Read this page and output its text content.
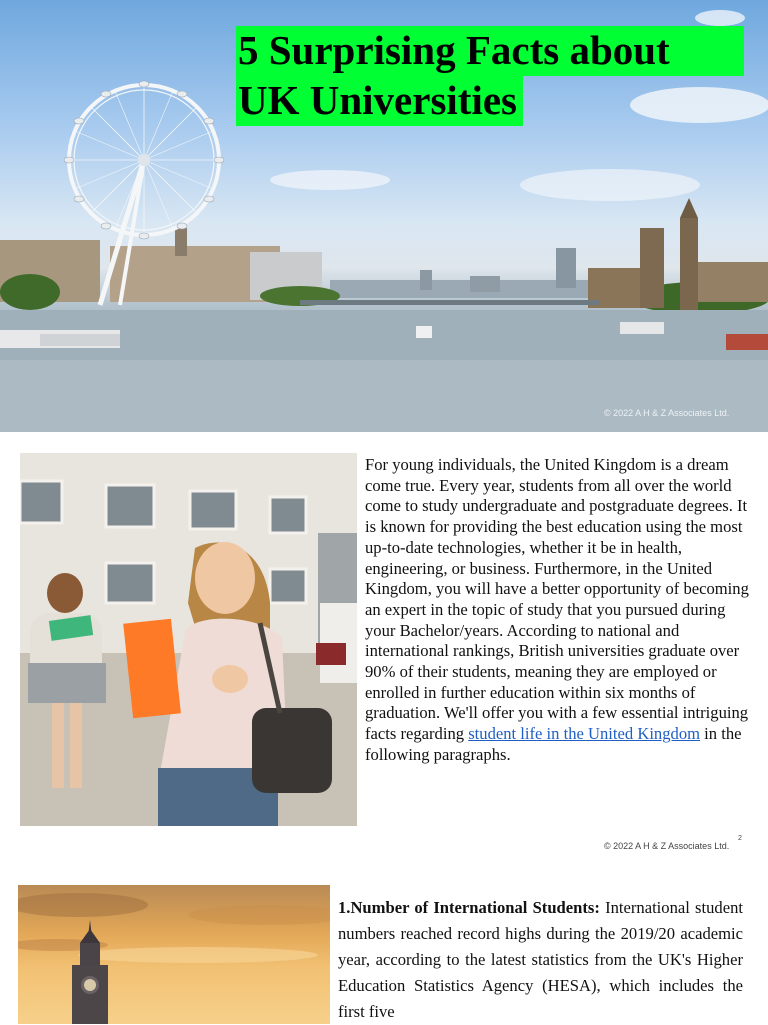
5 Surprising Facts about
UK Universities
© 2022 A H & Z Associates Ltd.

For young individuals, the United Kingdom is a dream come true. Every year, students from all over the world come to study undergraduate and postgraduate degrees. It is known for providing the best education using the most up-to-date technologies, whether it be in health, engineering, or business. Furthermore, in the United Kingdom, you will have a better opportunity of becoming an expert in the topic of study that you pursued during your Bachelor/years. According to national and international rankings, British universities graduate over 90% of their students, meaning they are employed or enrolled in further education within six months of graduation. We'll offer you with a few essential intriguing facts regarding student life in the United Kingdom in the following paragraphs.

© 2022 A H & Z Associates Ltd.
2

1.Number of International Students: International student numbers reached record highs during the 2019/20 academic year, according to the latest statistics from the UK's Higher Education Statistics Agency (HESA), which includes the first five
